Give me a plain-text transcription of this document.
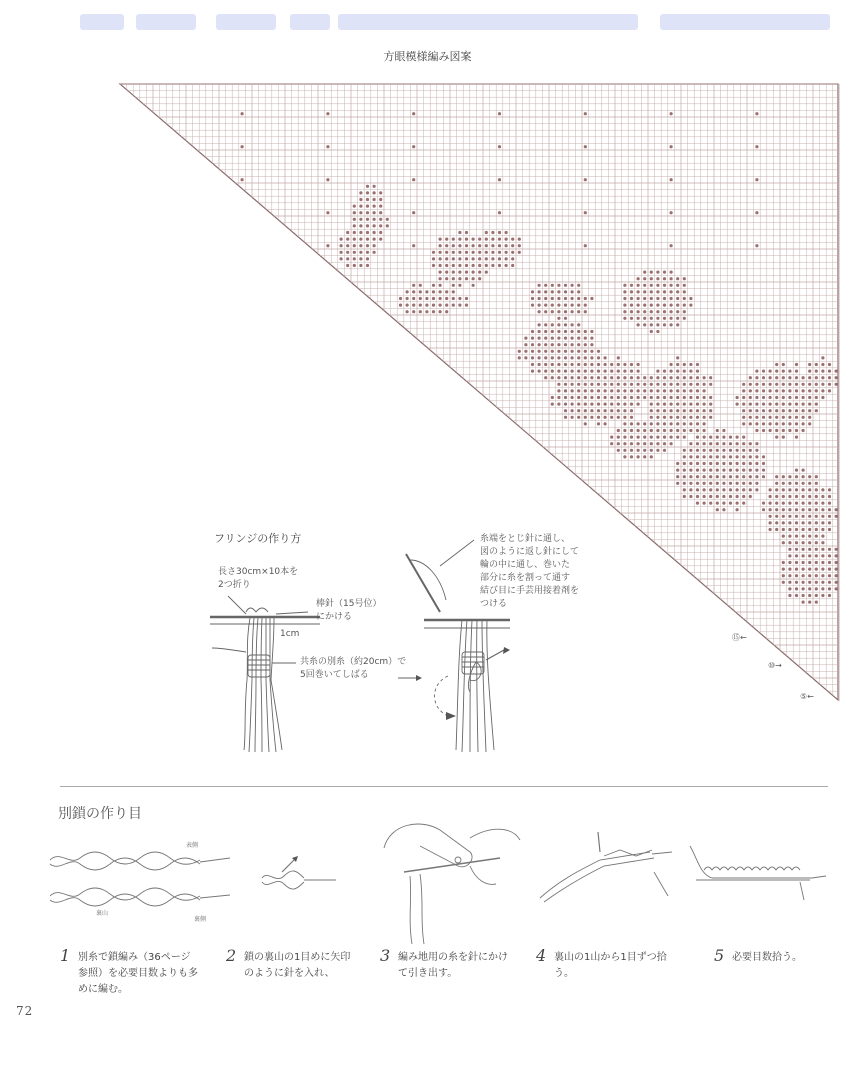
方眼模様編み図案
⑮←
⑩→
⑤←
フリンジの作り方
長さ30cm×10本を
2つ折り
棒針（15号位）
にかける
1cm
共糸の別糸（約20cm）で
5回巻いてしばる
糸端をとじ針に通し、
図のように返し針にして
輪の中に通し、巻いた
部分に糸を割って通す
結び目に手芸用接着剤を
つける
別鎖の作り目
表側
裏山
裏側
1 別糸で鎖編み（36ページ
参照）を必要目数よりも多
めに編む。
2 鎖の裏山の1目めに矢印
のように針を入れ、
3 編み地用の糸を針にかけ
て引き出す。
4 裏山の1山から1目ずつ拾
う。
5 必要目数拾う。
72
